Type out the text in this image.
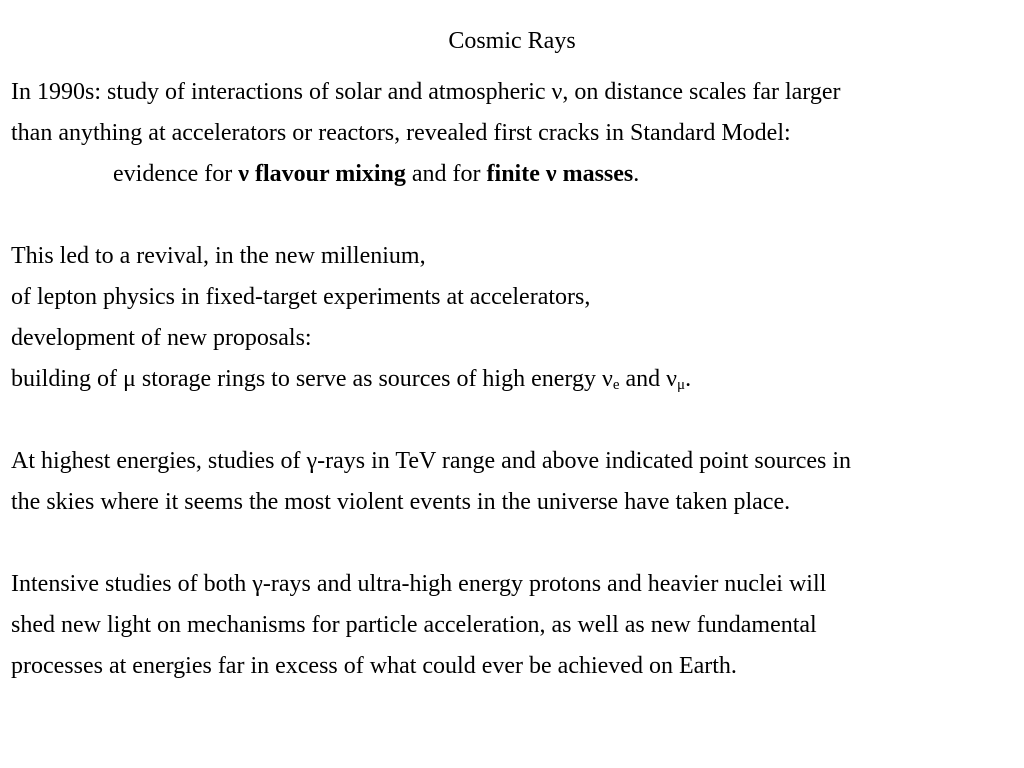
Cosmic Rays
In 1990s: study of interactions of solar and atmospheric ν, on distance scales far larger
than anything at accelerators or reactors, revealed first cracks in Standard Model:
evidence for ν flavour mixing and for finite ν masses.
This led to a revival, in the new millenium,
of lepton physics in fixed-target experiments at accelerators,
development of new proposals:
building of μ storage rings to serve as sources of high energy $\nu_e$ and $\nu_\mu$.
At highest energies, studies of γ-rays in TeV range and above indicated point sources in
the skies where it seems the most violent events in the universe have taken place.
Intensive studies of both γ-rays and ultra-high energy protons and heavier nuclei will
shed new light on mechanisms for particle acceleration, as well as new fundamental
processes at energies far in excess of what could ever be achieved on Earth.
